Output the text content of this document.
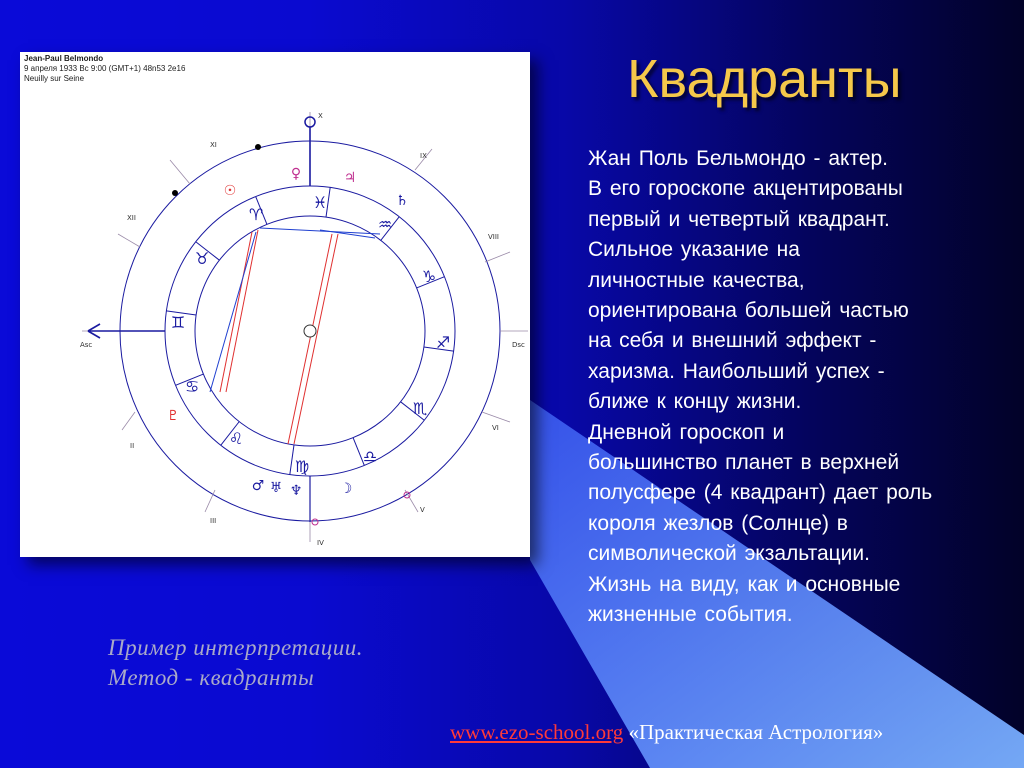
X
XI
IX
XII
VIII
Asc	Dsc
II
VI
III
V
IV
♓
♒
♑
♐
♏
♎
♍
♌
♋
♊
♉
♈
♀	♃
☉
♄
♇
☽
♂ ♅ ♆
Jean-Paul Belmondo
9 апреля 1933 Вс 9:00 (GMT+1) 48n53 2e16
Neuilly sur Seine	Квадранты
Жан Поль Бельмондо - актер.
В его гороскопе акцентированы
первый и четвертый квадрант.
Сильное указание на
личностные качества,
ориентирована большей частью
на себя и внешний эффект -
харизма. Наибольший успех -
ближе к концу жизни.
Дневной гороскоп и
большинство планет в верхней
полусфере (4 квадрант) дает роль
короля жезлов (Солнце) в
символической экзальтации.
Жизнь на виду, как и основные
жизненные события.
Пример интерпретации.
Метод - квадранты
www.ezo-school.org «Практическая Астрология»
